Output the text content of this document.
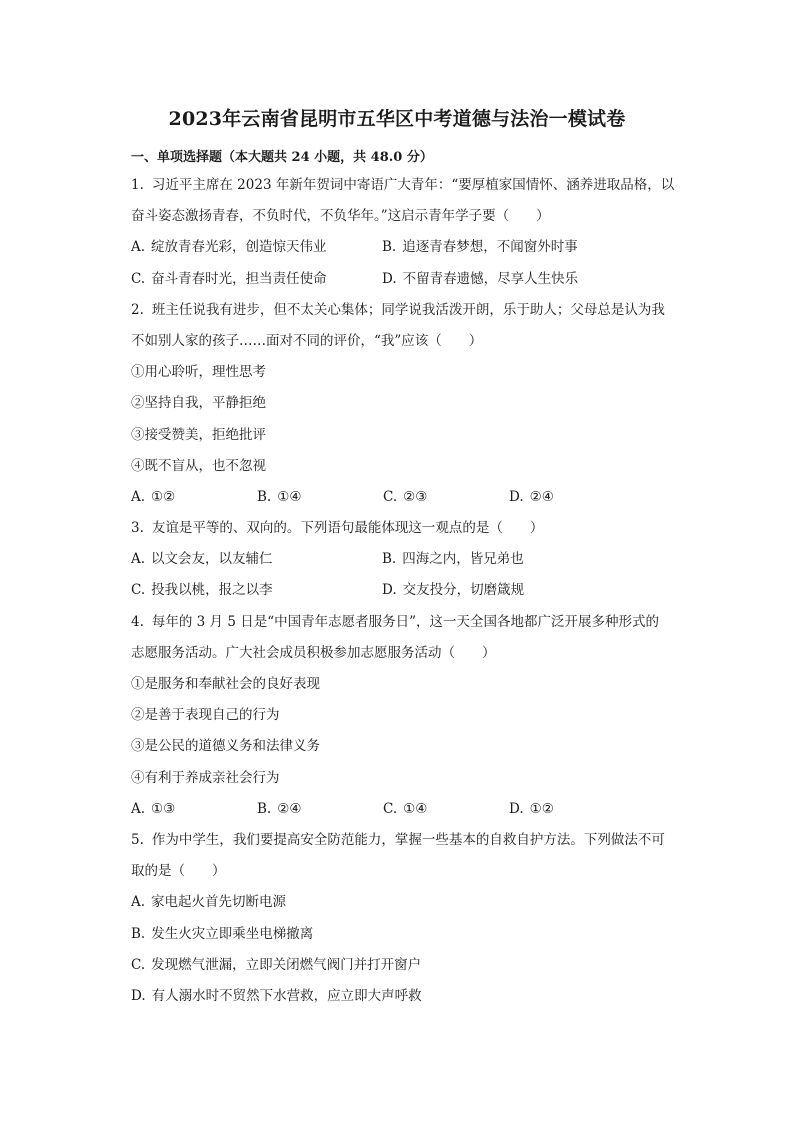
2023年云南省昆明市五华区中考道德与法治一模试卷
一、单项选择题（本大题共 24 小题，共 48.0 分）
1. 习近平主席在 2023 年新年贺词中寄语广大青年：“要厚植家国情怀、涵养进取品格，以
奋斗姿态激扬青春，不负时代，不负华年。”这启示青年学子要（　　）
A. 绽放青春光彩，创造惊天伟业	B. 追逐青春梦想，不闻窗外时事
C. 奋斗青春时光，担当责任使命	D. 不留青春遗憾，尽享人生快乐
2. 班主任说我有进步，但不太关心集体；同学说我活泼开朗，乐于助人；父母总是认为我
不如别人家的孩子……面对不同的评价，“我”应该（　　）
①用心聆听，理性思考
②坚持自我，平静拒绝
③接受赞美，拒绝批评
④既不盲从，也不忽视
A. ①②	B. ①④	C. ②③	D. ②④
3. 友谊是平等的、双向的。下列语句最能体现这一观点的是（　　）
A. 以文会友，以友辅仁	B. 四海之内，皆兄弟也
C. 投我以桃，报之以李	D. 交友投分，切磨箴规
4. 每年的 3 月 5 日是“中国青年志愿者服务日”，这一天全国各地都广泛开展多种形式的
志愿服务活动。广大社会成员积极参加志愿服务活动（　　）
①是服务和奉献社会的良好表现
②是善于表现自己的行为
③是公民的道德义务和法律义务
④有利于养成亲社会行为
A. ①③	B. ②④	C. ①④	D. ①②
5. 作为中学生，我们要提高安全防范能力，掌握一些基本的自救自护方法。下列做法不可
取的是（　　）
A. 家电起火首先切断电源
B. 发生火灾立即乘坐电梯撤离
C. 发现燃气泄漏，立即关闭燃气阀门并打开窗户
D. 有人溺水时不贸然下水营救，应立即大声呼救
